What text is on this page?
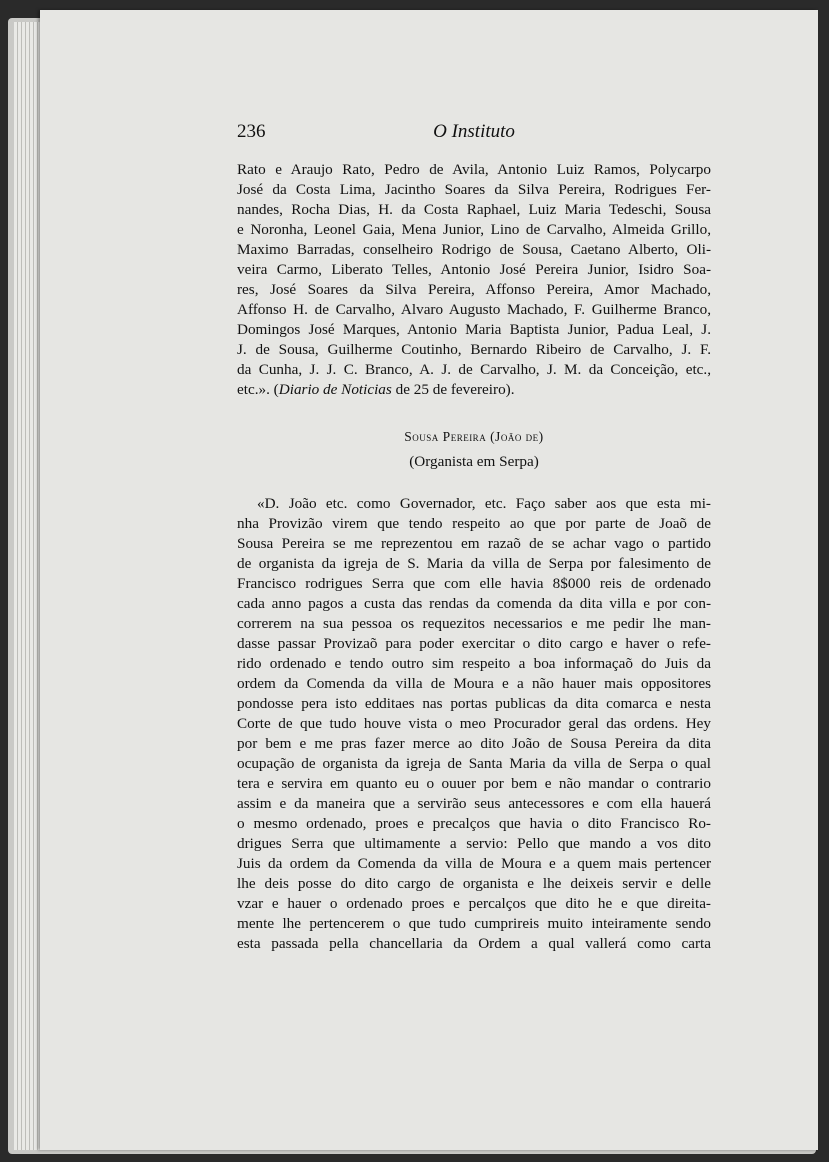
236	O Instituto
Rato e Araujo Rato, Pedro de Avila, Antonio Luiz Ramos, Polycarpo
José da Costa Lima, Jacintho Soares da Silva Pereira, Rodrigues Fer-
nandes, Rocha Dias, H. da Costa Raphael, Luiz Maria Tedeschi, Sousa
e Noronha, Leonel Gaia, Mena Junior, Lino de Carvalho, Almeida Grillo,
Maximo Barradas, conselheiro Rodrigo de Sousa, Caetano Alberto, Oli-
veira Carmo, Liberato Telles, Antonio José Pereira Junior, Isidro Soa-
res, José Soares da Silva Pereira, Affonso Pereira, Amor Machado,
Affonso H. de Carvalho, Alvaro Augusto Machado, F. Guilherme Branco,
Domingos José Marques, Antonio Maria Baptista Junior, Padua Leal, J.
J. de Sousa, Guilherme Coutinho, Bernardo Ribeiro de Carvalho, J. F.
da Cunha, J. J. C. Branco, A. J. de Carvalho, J. M. da Conceição, etc.,
etc.». (Diario de Noticias de 25 de fevereiro).
Sousa Pereira (João de)
(Organista em Serpa)
«D. João etc. como Governador, etc. Faço saber aos que esta mi-
nha Provizão virem que tendo respeito ao que por parte de Joaõ de
Sousa Pereira se me reprezentou em razaõ de se achar vago o partido
de organista da igreja de S. Maria da villa de Serpa por falesimento de
Francisco rodrigues Serra que com elle havia 8$000 reis de ordenado
cada anno pagos a custa das rendas da comenda da dita villa e por con-
correrem na sua pessoa os requezitos necessarios e me pedir lhe man-
dasse passar Provizaõ para poder exercitar o dito cargo e haver o refe-
rido ordenado e tendo outro sim respeito a boa informaçaõ do Juis da
ordem da Comenda da villa de Moura e a não hauer mais oppositores
pondosse pera isto edditaes nas portas publicas da dita comarca e nesta
Corte de que tudo houve vista o meo Procurador geral das ordens. Hey
por bem e me pras fazer merce ao dito João de Sousa Pereira da dita
ocupação de organista da igreja de Santa Maria da villa de Serpa o qual
tera e servira em quanto eu o ouuer por bem e não mandar o contrario
assim e da maneira que a servirão seus antecessores e com ella hauerá
o mesmo ordenado, proes e precalços que havia o dito Francisco Ro-
drigues Serra que ultimamente a servio: Pello que mando a vos dito
Juis da ordem da Comenda da villa de Moura e a quem mais pertencer
lhe deis posse do dito cargo de organista e lhe deixeis servir e delle
vzar e hauer o ordenado proes e percalços que dito he e que direita-
mente lhe pertencerem o que tudo cumprireis muito inteiramente sendo
esta passada pella chancellaria da Ordem a qual vallerá como carta
